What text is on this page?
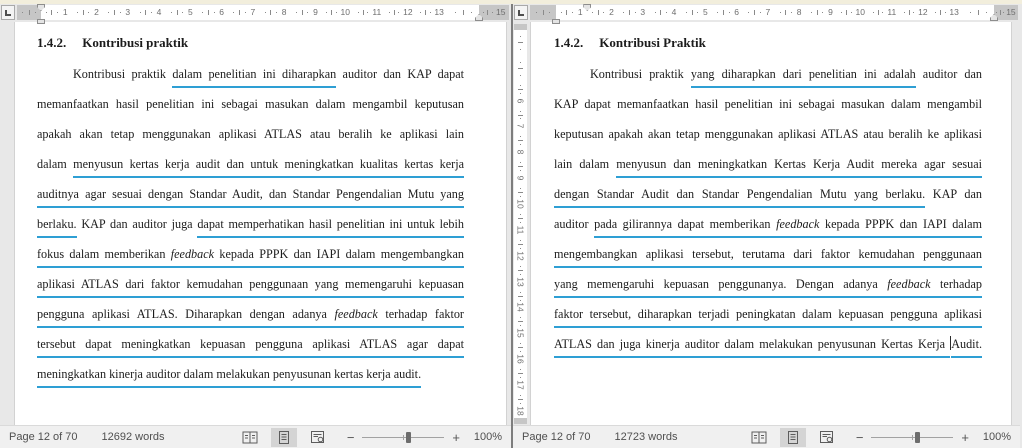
1	2	3	4	5	6	7	8	9	10	11	12	13	15
1.4.2. Kontribusi praktik
Kontribusi praktik dalam penelitian ini diharapkan auditor dan KAP dapat
memanfaatkan hasil penelitian ini sebagai masukan dalam mengambil keputusan
apakah akan tetap menggunakan aplikasi ATLAS atau beralih ke aplikasi lain
dalam menyusun kertas kerja audit dan untuk meningkatkan kualitas kertas kerja
auditnya agar sesuai dengan Standar Audit, dan Standar Pengendalian Mutu yang
berlaku. KAP dan auditor juga dapat memperhatikan hasil penelitian ini untuk lebih
fokus dalam memberikan feedback kepada PPPK dan IAPI dalam mengembangkan
aplikasi ATLAS dari faktor kemudahan penggunaan yang memengaruhi kepuasan
pengguna aplikasi ATLAS. Diharapkan dengan adanya feedback terhadap faktor
tersebut dapat meningkatkan kepuasan pengguna aplikasi ATLAS agar dapat
meningkatkan kinerja auditor dalam melakukan penyusunan kertas kerja audit.
Page 12 of 70 12692 words	−	+	100%
1	2	3	4	5	6	7	8	9	10	11	12	13	15
6
7
8
9
10
11
12
13
14
15
16
17
18
1.4.2. Kontribusi Praktik
Kontribusi praktik yang diharapkan dari penelitian ini adalah auditor dan
KAP dapat memanfaatkan hasil penelitian ini sebagai masukan dalam mengambil
keputusan apakah akan tetap menggunakan aplikasi ATLAS atau beralih ke aplikasi
lain dalam menyusun dan meningkatkan Kertas Kerja Audit mereka agar sesuai
dengan Standar Audit dan Standar Pengendalian Mutu yang berlaku. KAP dan
auditor pada gilirannya dapat memberikan feedback kepada PPPK dan IAPI dalam
mengembangkan aplikasi tersebut, terutama dari faktor kemudahan penggunaan
yang memengaruhi kepuasan penggunanya. Dengan adanya feedback terhadap
faktor tersebut, diharapkan terjadi peningkatan dalam kepuasan pengguna aplikasi
ATLAS dan juga kinerja auditor dalam melakukan penyusunan Kertas Kerja Audit.
Page 12 of 70 12723 words	−	+	100%
